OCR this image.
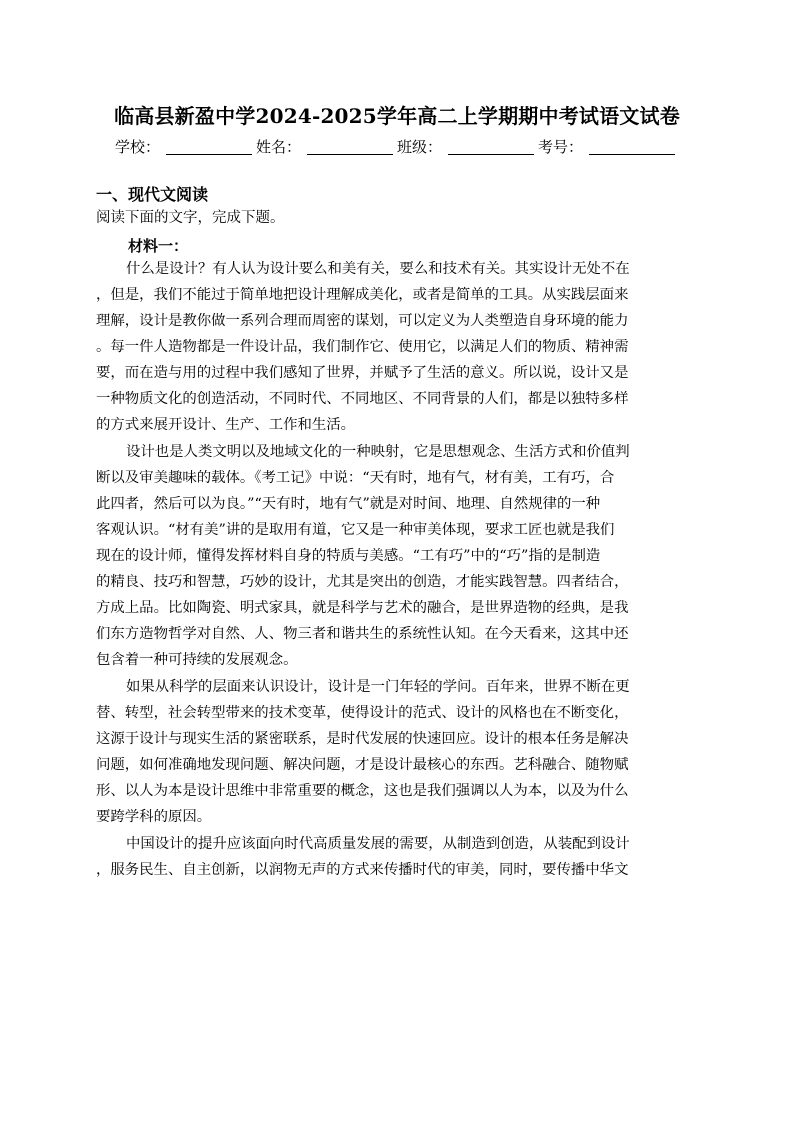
临高县新盈中学2024-2025学年高二上学期期中考试语文试卷
学校：	姓名：	班级：	考号：
一、现代文阅读
阅读下面的文字，完成下题。
材料一：
什么是设计？有人认为设计要么和美有关，要么和技术有关。其实设计无处不在
，但是，我们不能过于简单地把设计理解成美化，或者是简单的工具。从实践层面来
理解，设计是教你做一系列合理而周密的谋划，可以定义为人类塑造自身环境的能力
。每一件人造物都是一件设计品，我们制作它、使用它，以满足人们的物质、精神需
要，而在造与用的过程中我们感知了世界，并赋予了生活的意义。所以说，设计又是
一种物质文化的创造活动，不同时代、不同地区、不同背景的人们，都是以独特多样
的方式来展开设计、生产、工作和生活。
设计也是人类文明以及地域文化的一种映射，它是思想观念、生活方式和价值判
断以及审美趣味的载体。《考工记》中说：“天有时，地有气，材有美，工有巧，合
此四者，然后可以为良。”“天有时，地有气”就是对时间、地理、自然规律的一种
客观认识。“材有美”讲的是取用有道，它又是一种审美体现，要求工匠也就是我们
现在的设计师，懂得发挥材料自身的特质与美感。“工有巧”中的“巧”指的是制造
的精良、技巧和智慧，巧妙的设计，尤其是突出的创造，才能实践智慧。四者结合，
方成上品。比如陶瓷、明式家具，就是科学与艺术的融合，是世界造物的经典，是我
们东方造物哲学对自然、人、物三者和谐共生的系统性认知。在今天看来，这其中还
包含着一种可持续的发展观念。
如果从科学的层面来认识设计，设计是一门年轻的学问。百年来，世界不断在更
替、转型，社会转型带来的技术变革，使得设计的范式、设计的风格也在不断变化，
这源于设计与现实生活的紧密联系，是时代发展的快速回应。设计的根本任务是解决
问题，如何准确地发现问题、解决问题，才是设计最核心的东西。艺科融合、随物赋
形、以人为本是设计思维中非常重要的概念，这也是我们强调以人为本，以及为什么
要跨学科的原因。
中国设计的提升应该面向时代高质量发展的需要，从制造到创造，从装配到设计
，服务民生、自主创新，以润物无声的方式来传播时代的审美，同时，要传播中华文
